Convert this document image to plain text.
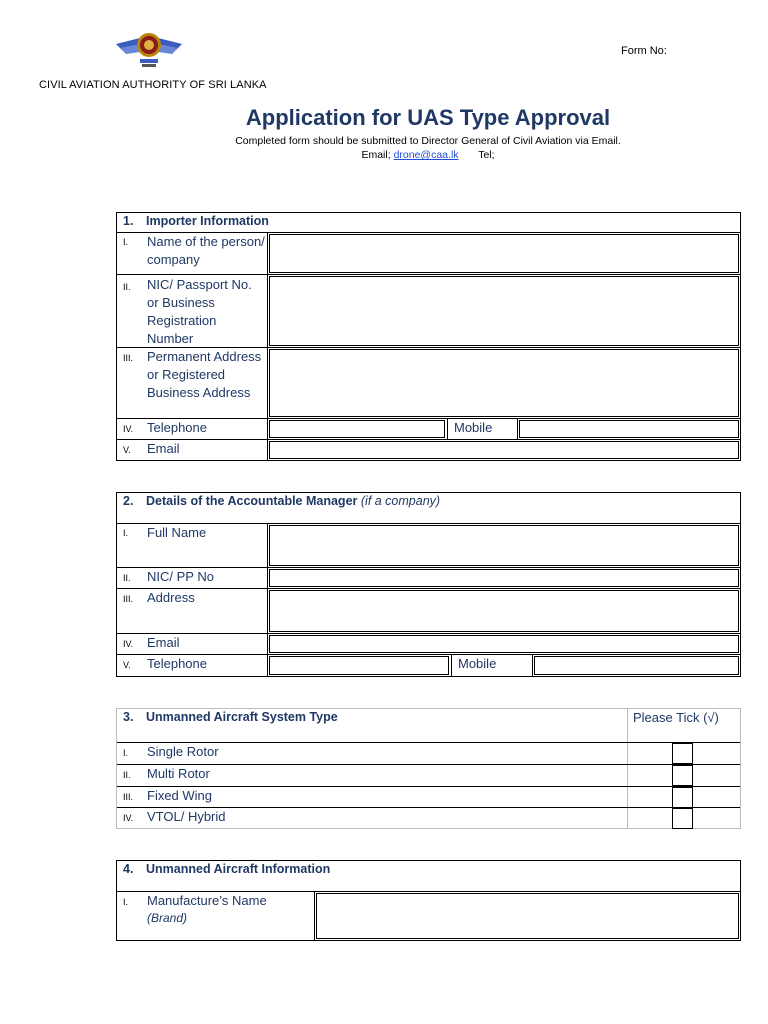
Form No:
CIVIL AVIATION AUTHORITY OF SRI LANKA
Application for UAS Type Approval
Completed form should be submitted to Director General of Civil Aviation via Email.
Email; drone@caa.lk Tel;
1. Importer Information
I. Name of the person/ company
II. NIC/ Passport No. or Business Registration Number
III. Permanent Address or Registered Business Address
IV. Telephone	Mobile
V. Email
2. Details of the Accountable Manager (if a company)
I. Full Name
II. NIC/ PP No
III. Address
IV. Email
V. Telephone	Mobile
3. Unmanned Aircraft System Type	Please Tick (√)
I. Single Rotor
II. Multi Rotor
III. Fixed Wing
IV. VTOL/ Hybrid
4. Unmanned Aircraft Information
I. Manufacture’s Name
(Brand)
